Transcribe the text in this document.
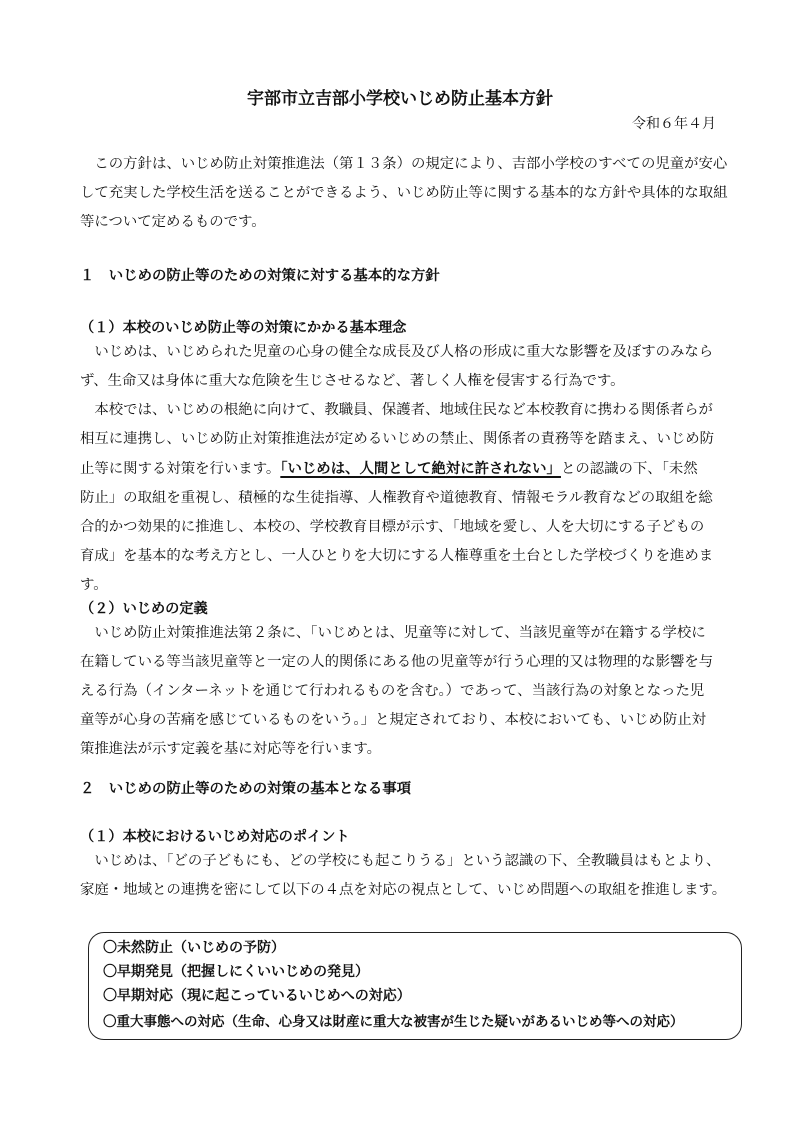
宇部市立吉部小学校いじめ防止基本方針
令和６年４月
この方針は、いじめ防止対策推進法（第１３条）の規定により、吉部小学校のすべての児童が安心
して充実した学校生活を送ることができるよう、いじめ防止等に関する基本的な方針や具体的な取組
等について定めるものです。
１　いじめの防止等のための対策に対する基本的な方針
（１）本校のいじめ防止等の対策にかかる基本理念
いじめは、いじめられた児童の心身の健全な成長及び人格の形成に重大な影響を及ぼすのみなら
ず、生命又は身体に重大な危険を生じさせるなど、著しく人権を侵害する行為です。
本校では、いじめの根絶に向けて、教職員、保護者、地域住民など本校教育に携わる関係者らが
相互に連携し、いじめ防止対策推進法が定めるいじめの禁止、関係者の責務等を踏まえ、いじめ防
止等に関する対策を行います。「いじめは、人間として絶対に許されない」との認識の下、「未然
防止」の取組を重視し、積極的な生徒指導、人権教育や道徳教育、情報モラル教育などの取組を総
合的かつ効果的に推進し、本校の、学校教育目標が示す、「地域を愛し、人を大切にする子どもの
育成」を基本的な考え方とし、一人ひとりを大切にする人権尊重を土台とした学校づくりを進めま
す。
（２）いじめの定義
いじめ防止対策推進法第２条に、「いじめとは、児童等に対して、当該児童等が在籍する学校に
在籍している等当該児童等と一定の人的関係にある他の児童等が行う心理的又は物理的な影響を与
える行為（インターネットを通じて行われるものを含む。）であって、当該行為の対象となった児
童等が心身の苦痛を感じているものをいう。」と規定されており、本校においても、いじめ防止対
策推進法が示す定義を基に対応等を行います。
２　いじめの防止等のための対策の基本となる事項
（１）本校におけるいじめ対応のポイント
いじめは、「どの子どもにも、どの学校にも起こりうる」という認識の下、全教職員はもとより、
家庭・地域との連携を密にして以下の４点を対応の視点として、いじめ問題への取組を推進します。
〇未然防止（いじめの予防）
〇早期発見（把握しにくいいじめの発見）
〇早期対応（現に起こっているいじめへの対応）
〇重大事態への対応（生命、心身又は財産に重大な被害が生じた疑いがあるいじめ等への対応）
